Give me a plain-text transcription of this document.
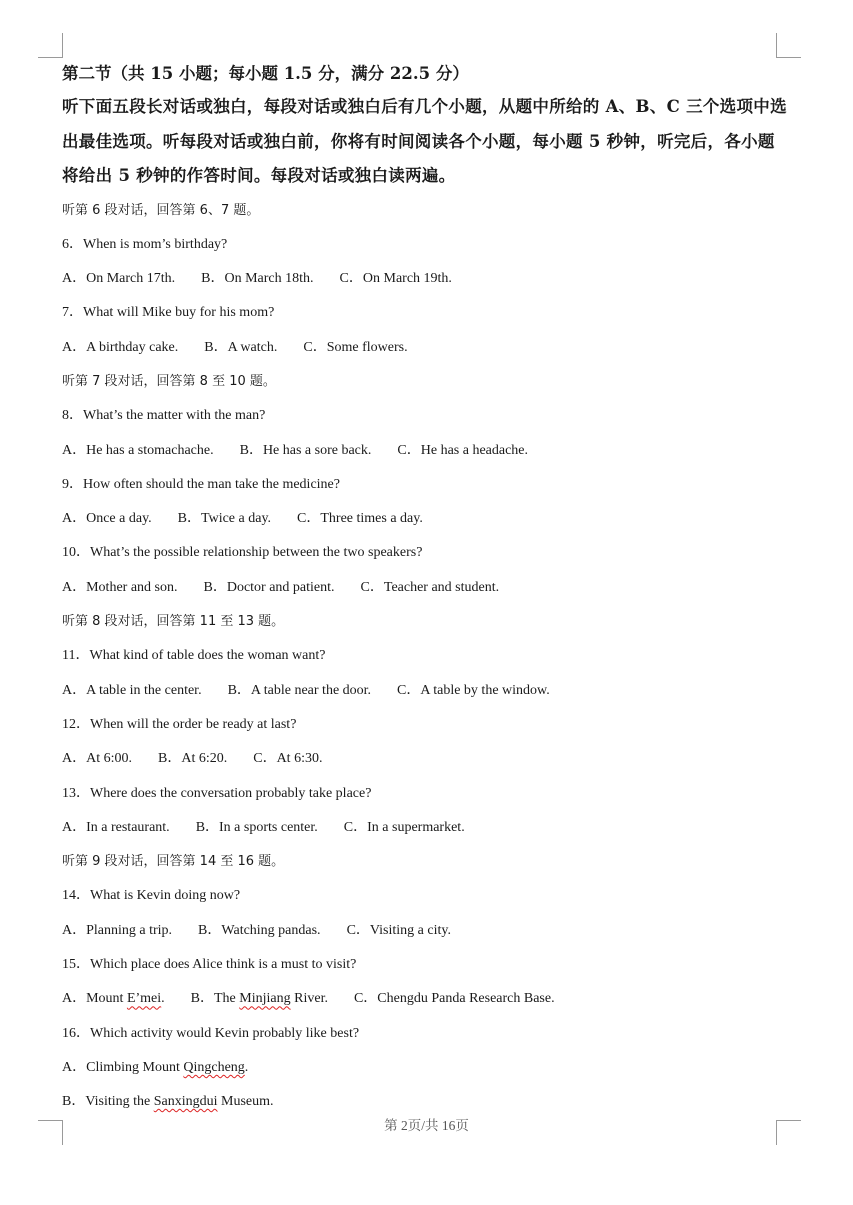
第二节（共 15 小题；每小题 1.5 分，满分 22.5 分）
听下面五段长对话或独白，每段对话或独白后有几个小题，从题中所给的 A、B、C 三个选项中选出最佳选项。听每段对话或独白前，你将有时间阅读各个小题，每小题 5 秒钟，听完后，各小题将给出 5 秒钟的作答时间。每段对话或独白读两遍。
听第 6 段对话，回答第 6、7 题。
6．When is mom’s birthday?
A．On March 17th. B．On March 18th. C．On March 19th.
7．What will Mike buy for his mom?
A．A birthday cake. B．A watch. C．Some flowers.
听第 7 段对话，回答第 8 至 10 题。
8．What’s the matter with the man?
A．He has a stomachache. B．He has a sore back. C．He has a headache.
9．How often should the man take the medicine?
A．Once a day. B．Twice a day. C．Three times a day.
10．What’s the possible relationship between the two speakers?
A．Mother and son. B．Doctor and patient. C．Teacher and student.
听第 8 段对话，回答第 11 至 13 题。
11．What kind of table does the woman want?
A．A table in the center. B．A table near the door. C．A table by the window.
12．When will the order be ready at last?
A．At 6:00. B．At 6:20. C．At 6:30.
13．Where does the conversation probably take place?
A．In a restaurant. B．In a sports center. C．In a supermarket.
听第 9 段对话，回答第 14 至 16 题。
14．What is Kevin doing now?
A．Planning a trip. B．Watching pandas. C．Visiting a city.
15．Which place does Alice think is a must to visit?
A．Mount E’mei. B．The Minjiang River. C．Chengdu Panda Research Base.
16．Which activity would Kevin probably like best?
A．Climbing Mount Qingcheng.
B．Visiting the Sanxingdui Museum.
第 2页/共 16页
